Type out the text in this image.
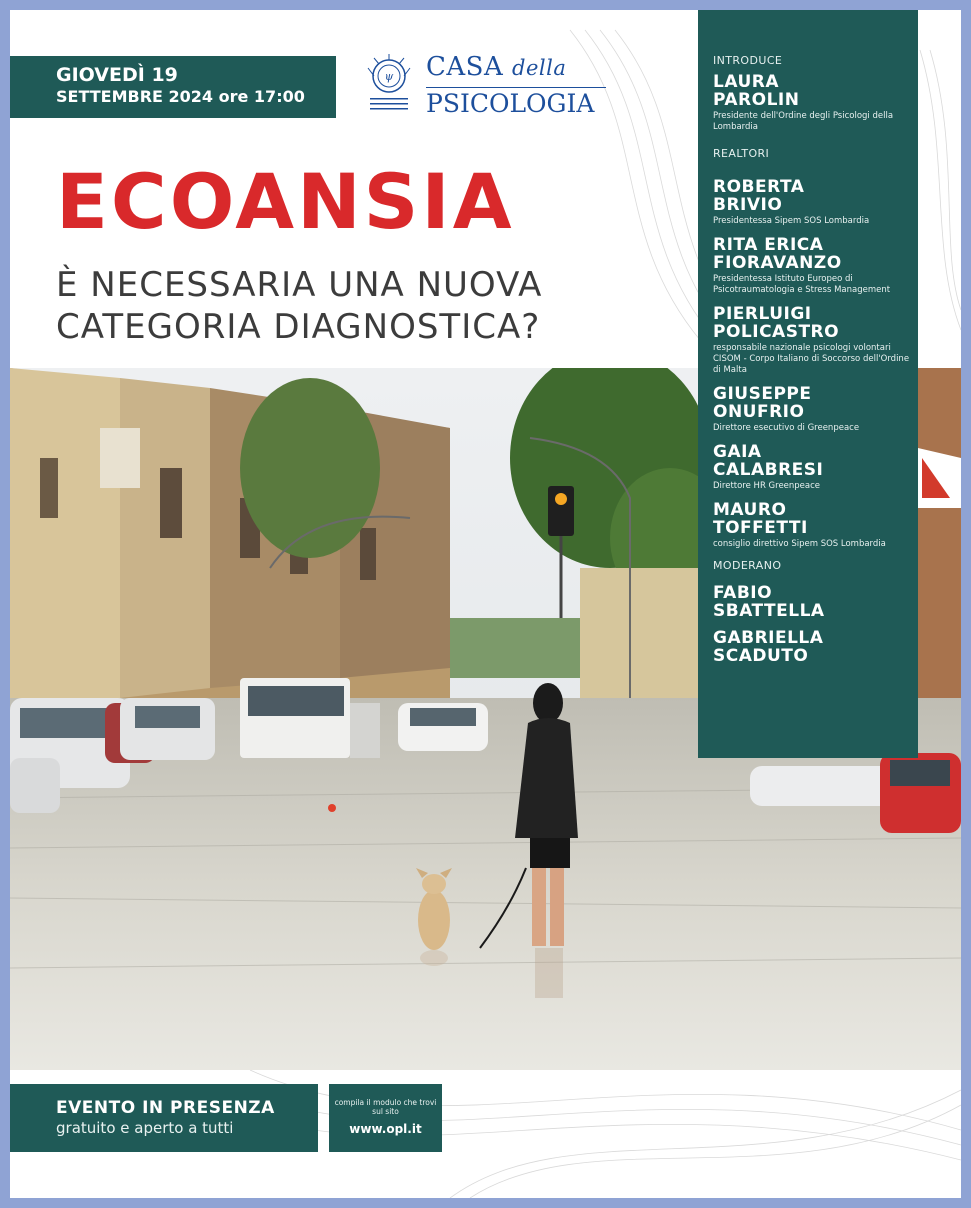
GIOVEDÌ 19
SETTEMBRE 2024 ore 17:00
ψ CASA della
PSICOLOGIA
ECOANSIA
È NECESSARIA UNA NUOVA
CATEGORIA DIAGNOSTICA?
INTRODUCE
LAURA
PAROLIN
Presidente dell'Ordine degli Psicologi della Lombardia
REALTORI
ROBERTA
BRIVIO
Presidentessa Sipem SOS Lombardia
RITA ERICA
FIORAVANZO
Presidentessa Istituto Europeo di Psicotraumatologia e Stress Management
PIERLUIGI
POLICASTRO
responsabile nazionale psicologi volontari CISOM - Corpo Italiano di Soccorso dell'Ordine di Malta
GIUSEPPE
ONUFRIO
Direttore esecutivo di Greenpeace
GAIA
CALABRESI
Direttore HR Greenpeace
MAURO
TOFFETTI
consiglio direttivo Sipem SOS Lombardia
MODERANO
FABIO
SBATTELLA
GABRIELLA
SCADUTO
EVENTO IN PRESENZA
gratuito e aperto a tutti
compila il modulo che trovi sul sito
www.opl.it
